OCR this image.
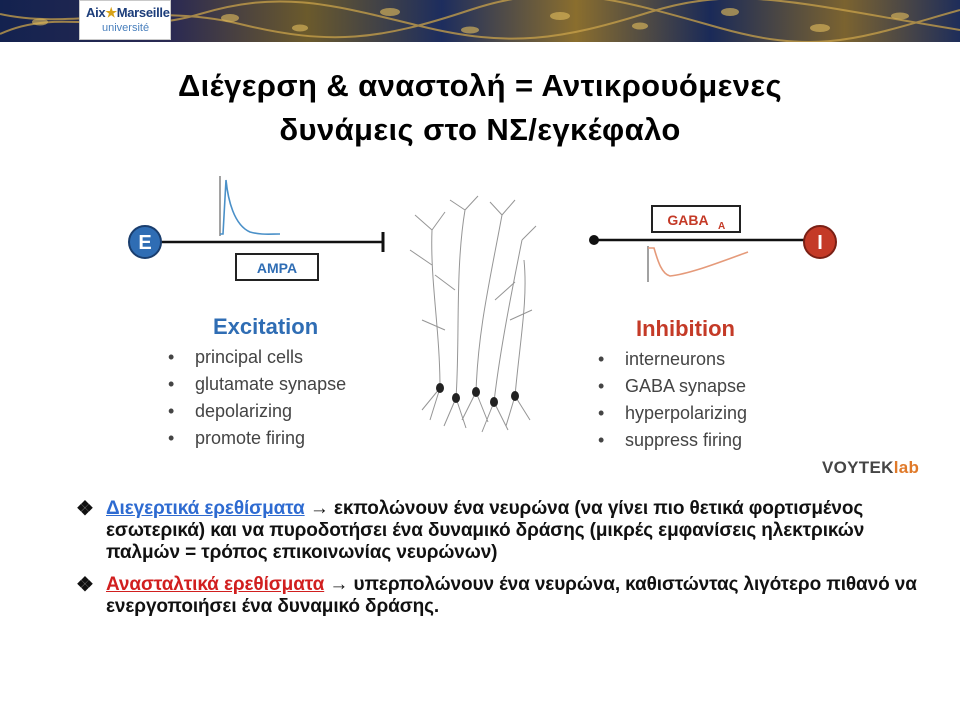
Aix★Marseille
université
Διέγερση & αναστολή = Αντικρουόμενες
δυνάμεις στο ΝΣ/εγκέφαλο
E
AMPA
I
GABA A
Excitation
• principal cells
• glutamate synapse
• depolarizing
• promote firing
Inhibition
• interneurons
• GABA synapse
• hyperpolarizing
• suppress firing
VOYTEKlab
❖ Διεγερτικά ερεθίσματα → εκπολώνουν ένα νευρώνα (να γίνει πιο θετικά φορτισμένος εσωτερικά) και να πυροδοτήσει ένα δυναμικό δράσης (μικρές εμφανίσεις ηλεκτρικών παλμών = τρόπος επικοινωνίας νευρώνων)
❖ Ανασταλτικά ερεθίσματα → υπερπολώνουν ένα νευρώνα, καθιστώντας λιγότερο πιθανό να ενεργοποιήσει ένα δυναμικό δράσης.
